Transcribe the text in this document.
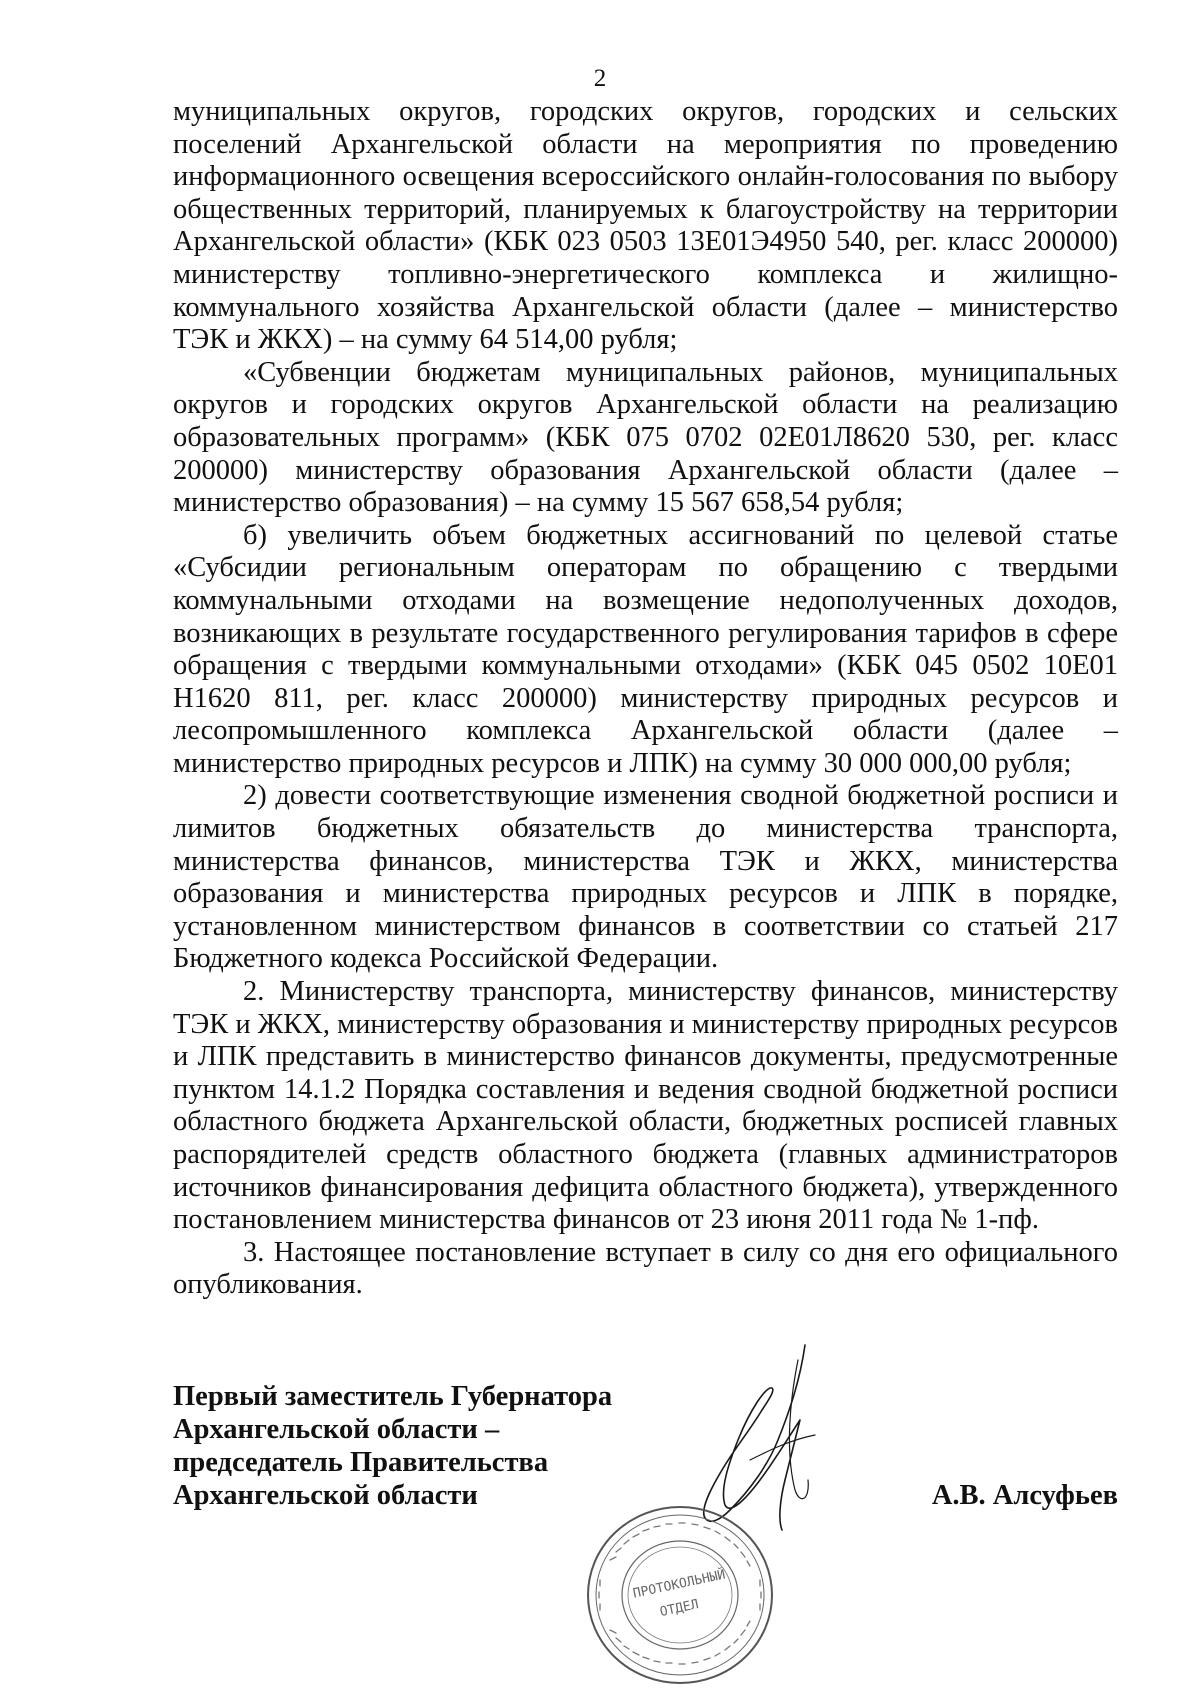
2

муниципальных округов, городских округов, городских и сельских поселений Архангельской области на мероприятия по проведению информационного освещения всероссийского онлайн-голосования по выбору общественных территорий, планируемых к благоустройству на территории Архангельской области» (КБК 023 0503 13Е01Э4950 540, рег. класс 200000) министерству топливно-энергетического комплекса и жилищно-коммунального хозяйства Архангельской области (далее – министерство ТЭК и ЖКХ) – на сумму 64 514,00 рубля;

«Субвенции бюджетам муниципальных районов, муниципальных округов и городских округов Архангельской области на реализацию образовательных программ» (КБК 075 0702 02Е01Л8620 530, рег. класс 200000) министерству образования Архангельской области (далее – министерство образования) – на сумму 15 567 658,54 рубля;

б) увеличить объем бюджетных ассигнований по целевой статье «Субсидии региональным операторам по обращению с твердыми коммунальными отходами на возмещение недополученных доходов, возникающих в результате государственного регулирования тарифов в сфере обращения с твердыми коммунальными отходами» (КБК 045 0502 10Е01 Н1620 811, рег. класс 200000) министерству природных ресурсов и лесопромышленного комплекса Архангельской области (далее – министерство природных ресурсов и ЛПК) на сумму 30 000 000,00 рубля;

2) довести соответствующие изменения сводной бюджетной росписи и лимитов бюджетных обязательств до министерства транспорта, министерства финансов, министерства ТЭК и ЖКХ, министерства образования и министерства природных ресурсов и ЛПК в порядке, установленном министерством финансов в соответствии со статьей 217 Бюджетного кодекса Российской Федерации.

2. Министерству транспорта, министерству финансов, министерству ТЭК и ЖКХ, министерству образования и министерству природных ресурсов и ЛПК представить в министерство финансов документы, предусмотренные пунктом 14.1.2 Порядка составления и ведения сводной бюджетной росписи областного бюджета Архангельской области, бюджетных росписей главных распорядителей средств областного бюджета (главных администраторов источников финансирования дефицита областного бюджета), утвержденного постановлением министерства финансов от 23 июня 2011 года № 1-пф.

3. Настоящее постановление вступает в силу со дня его официального опубликования.

Первый заместитель Губернатора
Архангельской области –
председатель Правительства
Архангельской области	А.В. Алсуфьев
ПРОТОКОЛЬНЫЙ
ОТДЕЛ
